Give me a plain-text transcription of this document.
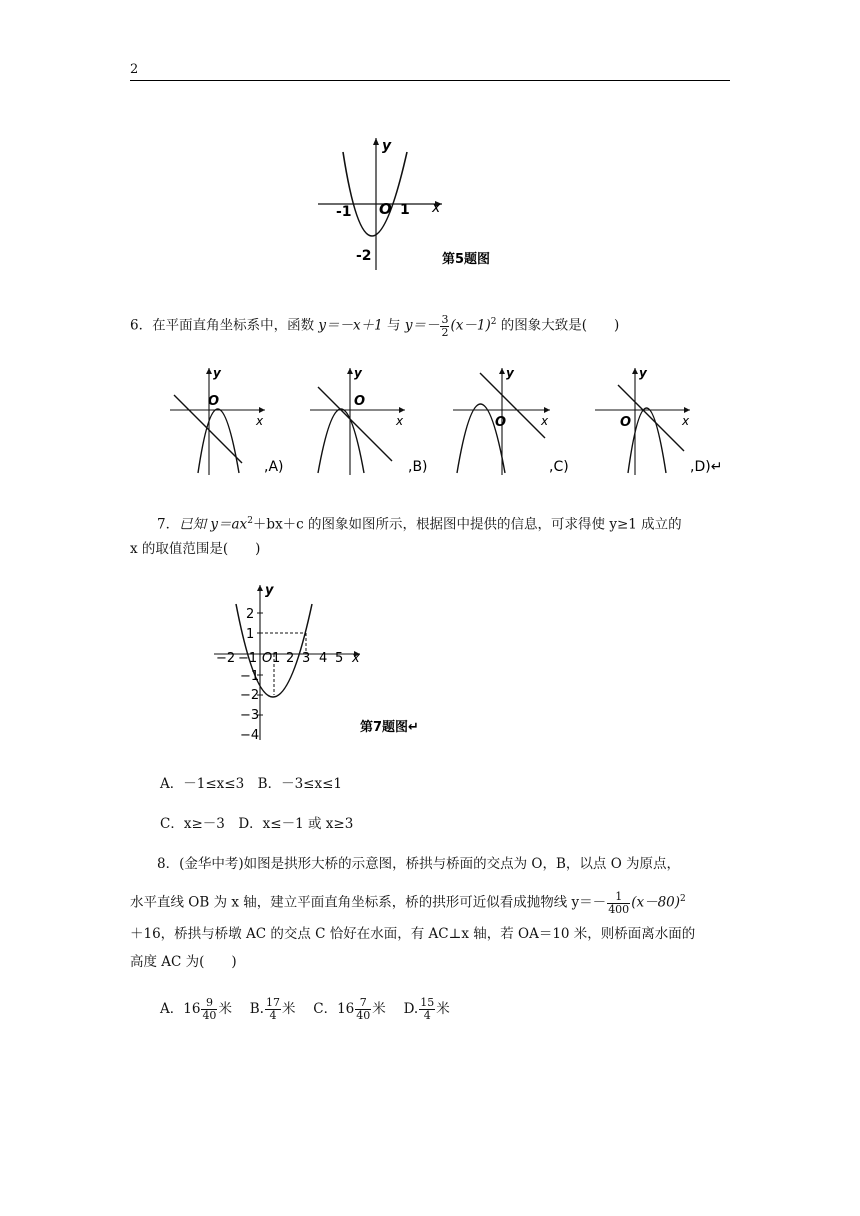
2
y
x
-1 O 1
-2	第5题图
6．在平面直角坐标系中，函数 y＝－x＋1 与 $y=- \frac{3}{2} (x-1)^2$ 的图象大致是(　　)
y
x
O
,A)
y
x
O
,B)
y
x
O
,C)
y
x
O
,D)↵
7．已知 $y=ax^2+bx+c$ 的图象如图所示，根据图中提供的信息，可求得使 y≥1 成立的

x 的取值范围是(　　)
y
x
−2 −1 O 1 2 3 4 5
2
1
−1
−2
−3
−4
第7题图↵
A．－1≤x≤3　B．－3≤x≤1
C．x≥－3　D．x≤－1 或 x≥3
8．(金华中考)如图是拱形大桥的示意图，桥拱与桥面的交点为 O，B，以点 O 为原点，
水平直线 OB 为 x 轴，建立平面直角坐标系，桥的拱形可近似看成抛物线 $y=- \frac{1}{400} (x-80)^2$
＋16，桥拱与桥墩 AC 的交点 C 恰好在水面，有 AC⊥x 轴，若 OA＝10 米，则桥面离水面的
高度 AC 为(　　)
A．$16 \frac{9}{40}$ 米　 B. $\frac{17}{4}$ 米　 C．$16 \frac{7}{40}$ 米　 D. $\frac{15}{4}$ 米
